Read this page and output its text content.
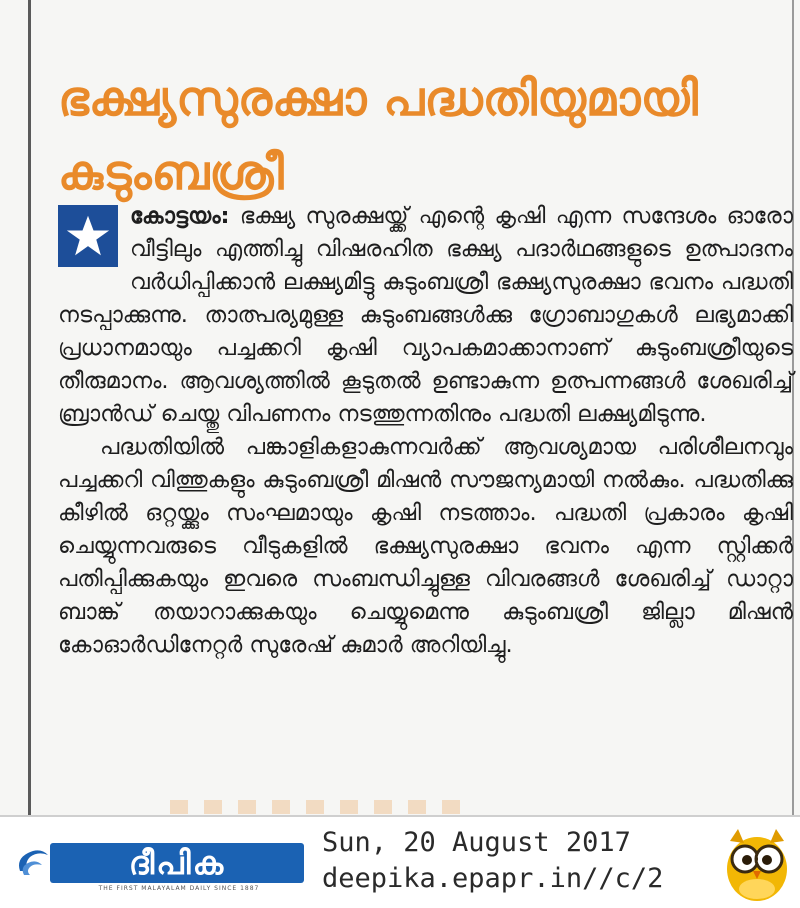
ഭക്ഷ്യസുരക്ഷാ പദ്ധതിയുമായി കുടുംബശ്രീ

കോട്ടയം: ഭക്ഷ്യ സുരക്ഷയ്ക്ക് എന്റെ കൃഷി എന്ന സന്ദേശം ഓരോ വീട്ടിലും എത്തിച്ചു വിഷരഹിത ഭക്ഷ്യ പദാർഥങ്ങളുടെ ഉത്പാദനം വർധിപ്പിക്കാൻ ലക്ഷ്യമിട്ടു കുടുംബശ്രീ ഭക്ഷ്യസുരക്ഷാ ഭവനം പദ്ധതി നടപ്പാക്കുന്നു. താത്പര്യമുള്ള കുടുംബങ്ങൾക്കു ഗ്രോബാഗുകൾ ലഭ്യമാക്കി പ്രധാനമായും പച്ചക്കറി കൃഷി വ്യാപകമാക്കാനാണ് കുടുംബശ്രീയുടെ തീരുമാനം. ആവശ്യത്തിൽ കൂടുതൽ ഉണ്ടാകുന്ന ഉത്പന്നങ്ങൾ ശേഖരിച്ച് ബ്രാൻഡ് ചെയ്തു വിപണനം നടത്തുന്നതിനും പദ്ധതി ലക്ഷ്യമിടുന്നു.

പദ്ധതിയിൽ പങ്കാളികളാകുന്നവർക്ക് ആവശ്യമായ പരിശീലനവും പച്ചക്കറി വിത്തുകളും കുടുംബശ്രീ മിഷൻ സൗജന്യമായി നൽകും. പദ്ധതിക്കു കീഴിൽ ഒറ്റയ്ക്കും സംഘമായും കൃഷി നടത്താം. പദ്ധതി പ്രകാരം കൃഷി ചെയ്യുന്നവരുടെ വീടുകളിൽ ഭക്ഷ്യസുരക്ഷാ ഭവനം എന്ന സ്റ്റിക്കർ പതിപ്പിക്കുകയും ഇവരെ സംബന്ധിച്ചുള്ള വിവരങ്ങൾ ശേഖരിച്ച് ഡാറ്റാ ബാങ്ക് തയാറാക്കുകയും ചെയ്യുമെന്നു കുടുംബശ്രീ ജില്ലാ മിഷൻ കോഓർഡിനേറ്റർ സുരേഷ് കുമാർ അറിയിച്ചു.

ദീപിക
THE FIRST MALAYALAM DAILY SINCE 1887
Sun, 20 August 2017
deepika.epapr.in//c/2
